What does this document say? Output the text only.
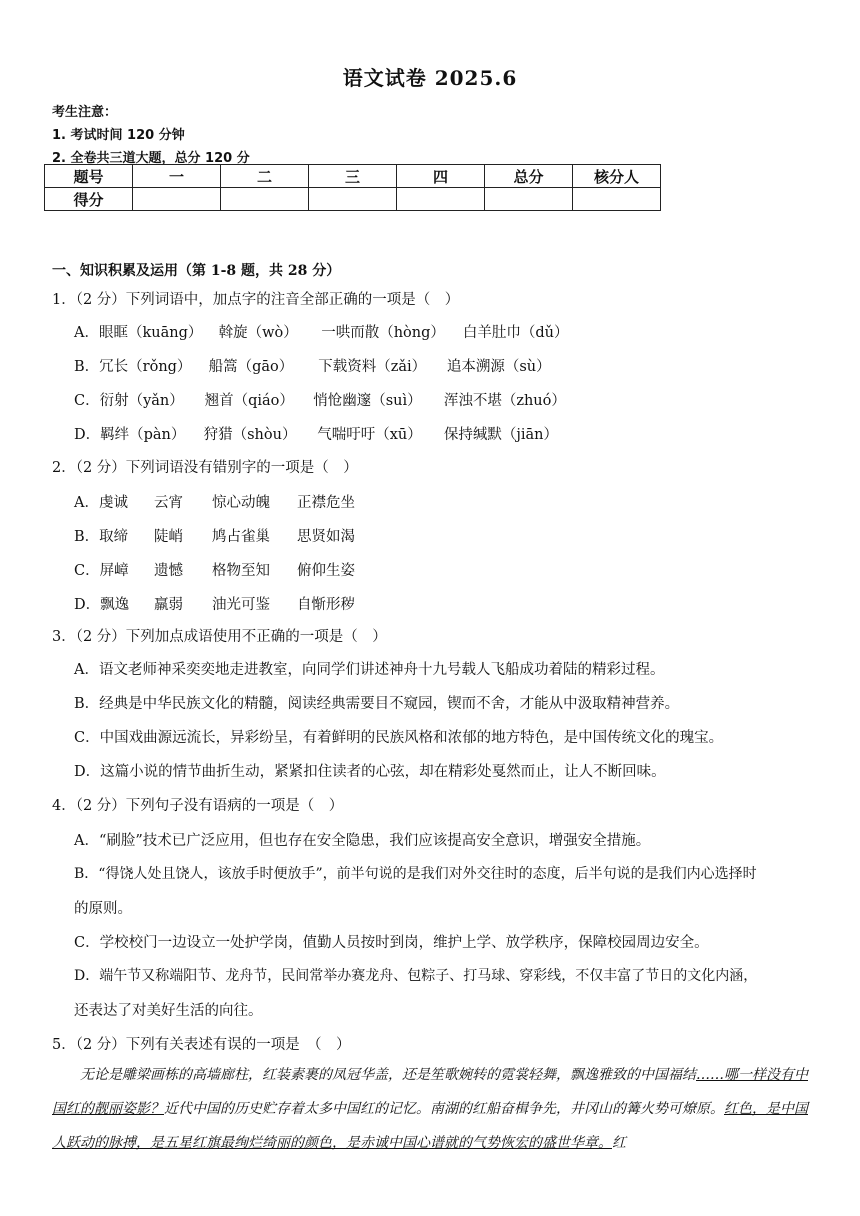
语文试卷 2025.6
考生注意：
1. 考试时间 120 分钟
2. 全卷共三道大题，总分 120 分
题号	一	二	三	四	总分	核分人
得分						
一、知识积累及运用（第 1-8 题，共 28 分）
1．（2 分）下列词语中，加点字的注音全部正确的一项是（　）
A．眼眶（kuāng） 斡旋（wò） 一哄而散（hòng） 白羊肚巾（dǔ）
B．冗长（rǒng） 船篙（gāo） 下载资料（zǎi） 追本溯源（sù）
C．衍射（yǎn） 翘首（qiáo） 悄怆幽邃（suì） 浑浊不堪（zhuó）
D．羁绊（pàn） 狩猎（shòu） 气喘吁吁（xū） 保持缄默（jiān）
2．（2 分）下列词语没有错别字的一项是（　）
A．虔诚 云宵 惊心动魄 正襟危坐
B．取缔 陡峭 鸠占雀巢 思贤如渴
C．屏嶂 遗憾 格物至知 俯仰生姿
D．飘逸 羸弱 油光可鉴 自惭形秽
3．（2 分）下列加点成语使用不正确的一项是（　）
A．语文老师神采奕奕地走进教室，向同学们讲述神舟十九号载人飞船成功着陆的精彩过程。
B．经典是中华民族文化的精髓，阅读经典需要目不窥园，锲而不舍，才能从中汲取精神营养。
C．中国戏曲源远流长，异彩纷呈，有着鲜明的民族风格和浓郁的地方特色，是中国传统文化的瑰宝。
D．这篇小说的情节曲折生动，紧紧扣住读者的心弦，却在精彩处戛然而止，让人不断回味。
4．（2 分）下列句子没有语病的一项是（　）
A．“刷脸”技术已广泛应用，但也存在安全隐患，我们应该提高安全意识，增强安全措施。
B．“得饶人处且饶人，该放手时便放手”，前半句说的是我们对外交往时的态度，后半句说的是我们内心选择时
的原则。
C．学校校门一边设立一处护学岗，值勤人员按时到岗，维护上学、放学秩序，保障校园周边安全。
D．端午节又称端阳节、龙舟节，民间常举办赛龙舟、包粽子、打马球、穿彩线，不仅丰富了节日的文化内涵，
还表达了对美好生活的向往。
5．（2 分）下列有关表述有误的一项是　（　）
无论是雕梁画栋的高墙廊柱，红装素裹的凤冠华盖，还是笙歌婉转的霓裳轻舞，飘逸雅致的中国福结……哪一样没有中国红的靓丽姿影？近代中国的历史贮存着太多中国红的记忆。南湖的红船奋楫争先，井冈山的篝火势可燎原。红色，是中国人跃动的脉搏，是五星红旗最绚烂绮丽的颜色，是赤诚中国心谱就的气势恢宏的盛世华章。红
